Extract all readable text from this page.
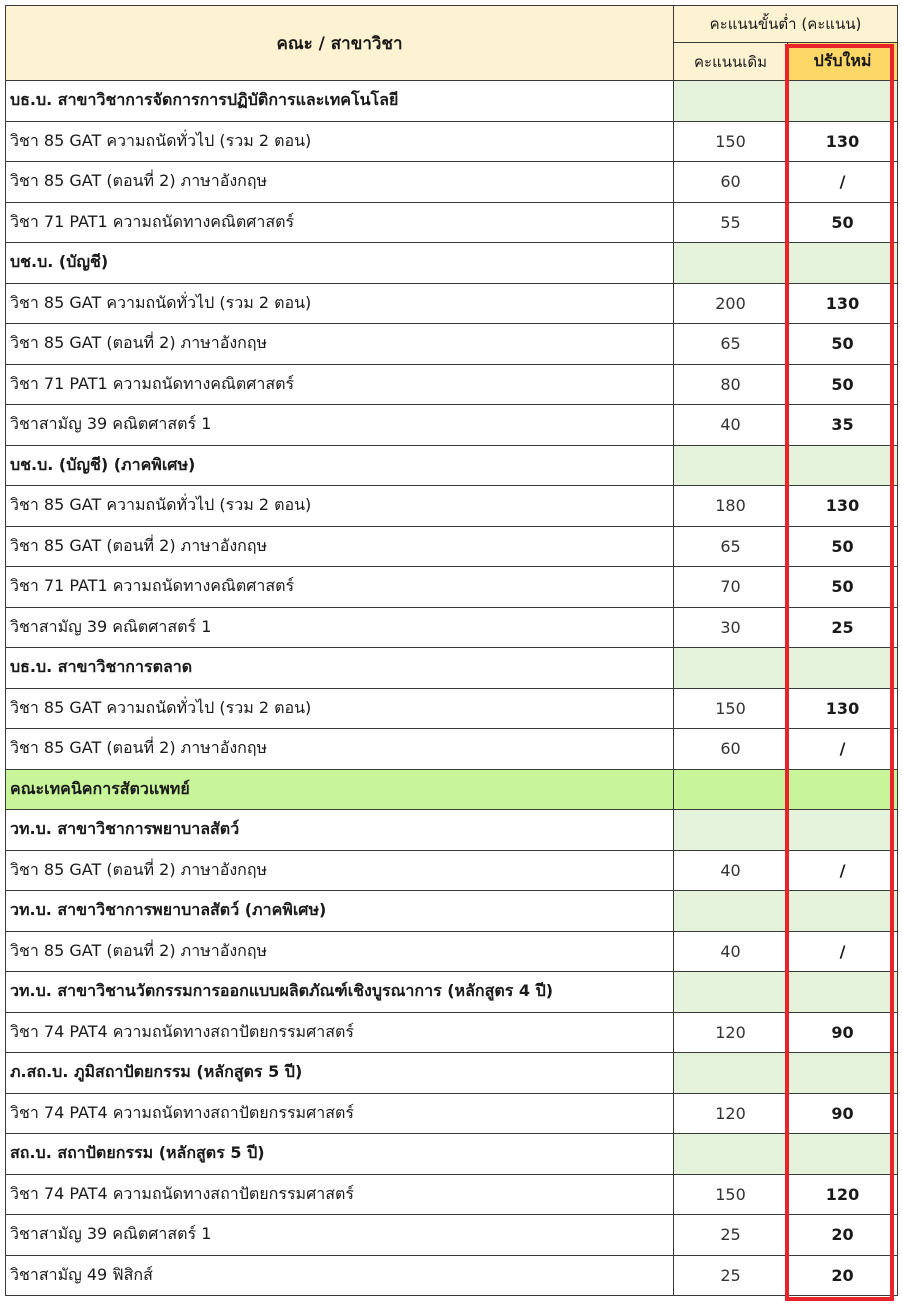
คณะ / สาขาวิชา	คะแนนขั้นต่ำ (คะแนน)	
	คะแนนเดิม	ปรับใหม่
บธ.บ. สาขาวิชาการจัดการการปฏิบัติการและเทคโนโลยี		
วิชา 85 GAT ความถนัดทั่วไป (รวม 2 ตอน)	150	130
วิชา 85 GAT (ตอนที่ 2) ภาษาอังกฤษ	60	/
วิชา 71 PAT1 ความถนัดทางคณิตศาสตร์	55	50
บช.บ. (บัญชี)		
วิชา 85 GAT ความถนัดทั่วไป (รวม 2 ตอน)	200	130
วิชา 85 GAT (ตอนที่ 2) ภาษาอังกฤษ	65	50
วิชา 71 PAT1 ความถนัดทางคณิตศาสตร์	80	50
วิชาสามัญ 39 คณิตศาสตร์ 1	40	35
บช.บ. (บัญชี) (ภาคพิเศษ)		
วิชา 85 GAT ความถนัดทั่วไป (รวม 2 ตอน)	180	130
วิชา 85 GAT (ตอนที่ 2) ภาษาอังกฤษ	65	50
วิชา 71 PAT1 ความถนัดทางคณิตศาสตร์	70	50
วิชาสามัญ 39 คณิตศาสตร์ 1	30	25
บธ.บ. สาขาวิชาการตลาด		
วิชา 85 GAT ความถนัดทั่วไป (รวม 2 ตอน)	150	130
วิชา 85 GAT (ตอนที่ 2) ภาษาอังกฤษ	60	/
คณะเทคนิคการสัตวแพทย์		
วท.บ. สาขาวิชาการพยาบาลสัตว์		
วิชา 85 GAT (ตอนที่ 2) ภาษาอังกฤษ	40	/
วท.บ. สาขาวิชาการพยาบาลสัตว์ (ภาคพิเศษ)		
วิชา 85 GAT (ตอนที่ 2) ภาษาอังกฤษ	40	/
วท.บ. สาขาวิชานวัตกรรมการออกแบบผลิตภัณฑ์เชิงบูรณาการ (หลักสูตร 4 ปี)		
วิชา 74 PAT4 ความถนัดทางสถาปัตยกรรมศาสตร์	120	90
ภ.สถ.บ. ภูมิสถาปัตยกรรม (หลักสูตร 5 ปี)		
วิชา 74 PAT4 ความถนัดทางสถาปัตยกรรมศาสตร์	120	90
สถ.บ. สถาปัตยกรรม (หลักสูตร 5 ปี)		
วิชา 74 PAT4 ความถนัดทางสถาปัตยกรรมศาสตร์	150	120
วิชาสามัญ 39 คณิตศาสตร์ 1	25	20
วิชาสามัญ 49 ฟิสิกส์	25	20
